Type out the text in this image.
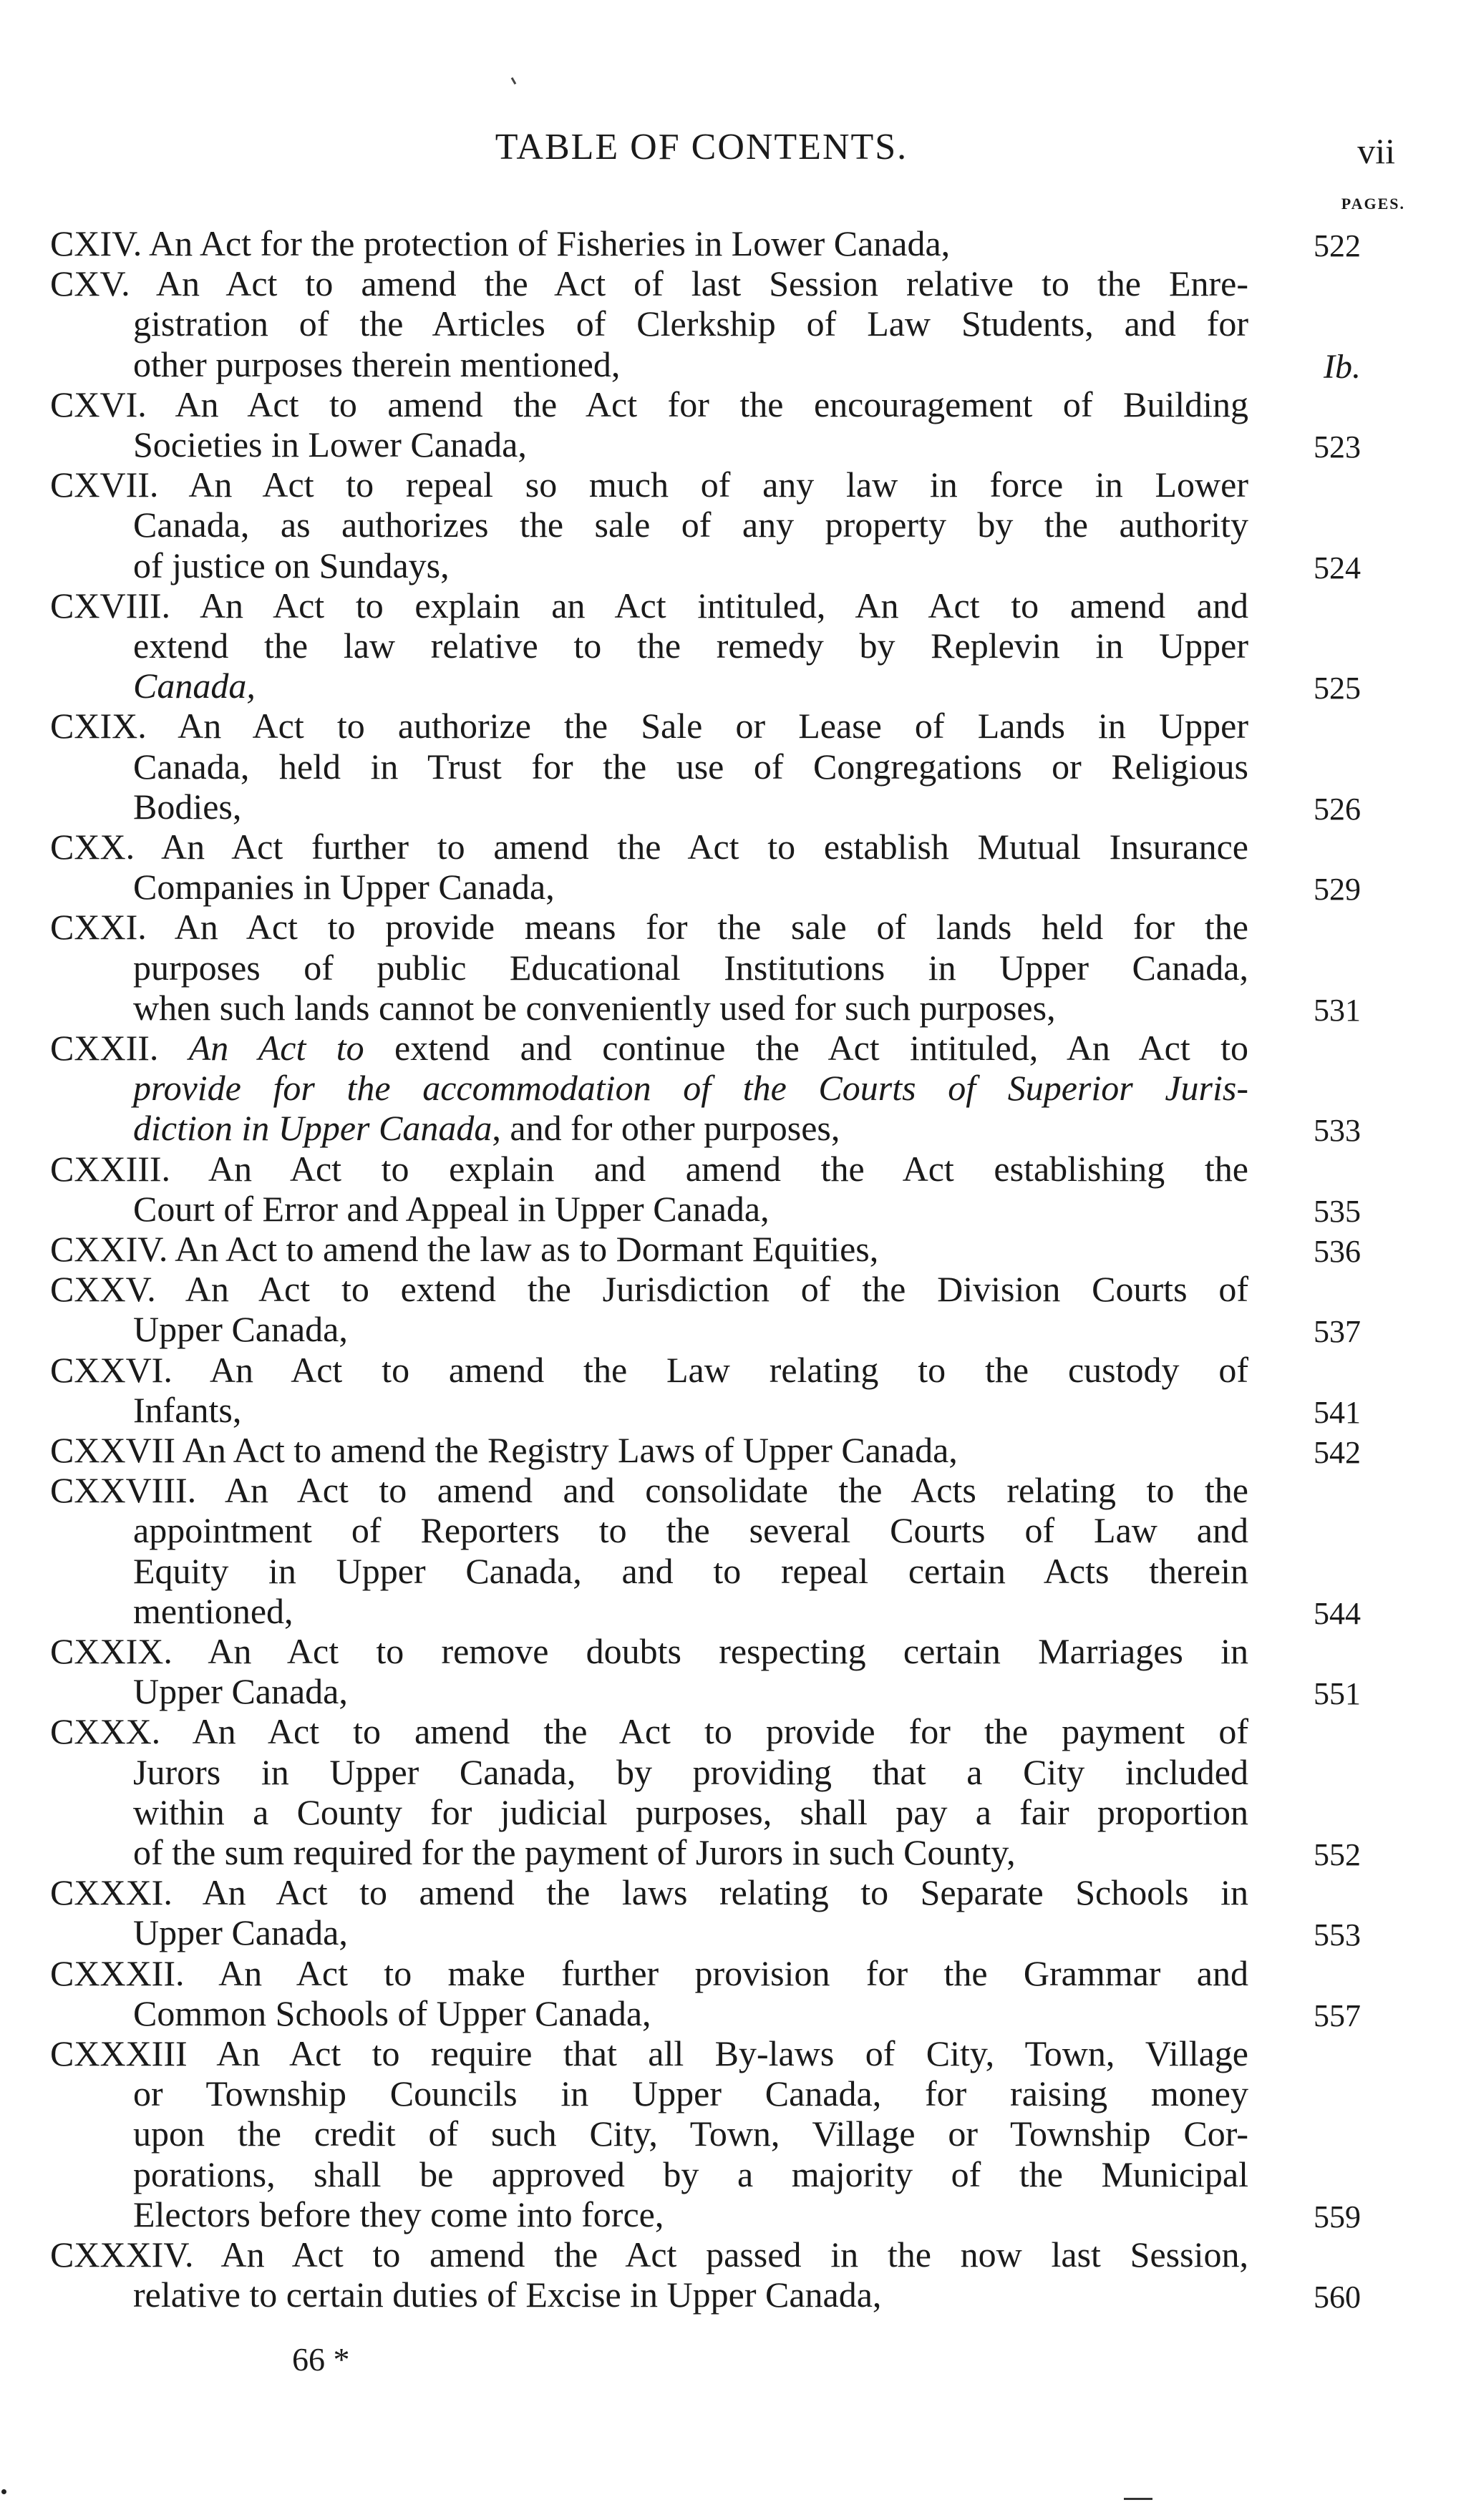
TABLE OF CONTENTS.	vii
PAGES.
CXIV. An Act for the protection of Fisheries in Lower Canada,	522
CXV. An Act to amend the Act of last Session relative to the Enre-
gistration of the Articles of Clerkship of Law Students, and for
other purposes therein mentioned,	Ib.
CXVI. An Act to amend the Act for the encouragement of Building
Societies in Lower Canada,	523
CXVII. An Act to repeal so much of any law in force in Lower
Canada, as authorizes the sale of any property by the authority
of justice on Sundays,	524
CXVIII. An Act to explain an Act intituled, An Act to amend and
extend the law relative to the remedy by Replevin in Upper
Canada,	525
CXIX. An Act to authorize the Sale or Lease of Lands in Upper
Canada, held in Trust for the use of Congregations or Religious
Bodies,	526
CXX. An Act further to amend the Act to establish Mutual Insurance
Companies in Upper Canada,	529
CXXI. An Act to provide means for the sale of lands held for the
purposes of public Educational Institutions in Upper Canada,
when such lands cannot be conveniently used for such purposes,	531
CXXII. An Act to extend and continue the Act intituled, An Act to
provide for the accommodation of the Courts of Superior Juris-
diction in Upper Canada, and for other purposes,	533
CXXIII. An Act to explain and amend the Act establishing the
Court of Error and Appeal in Upper Canada,	535
CXXIV. An Act to amend the law as to Dormant Equities,	536
CXXV. An Act to extend the Jurisdiction of the Division Courts of
Upper Canada,	537
CXXVI. An Act to amend the Law relating to the custody of
Infants,	541
CXXVII An Act to amend the Registry Laws of Upper Canada,	542
CXXVIII. An Act to amend and consolidate the Acts relating to the
appointment of Reporters to the several Courts of Law and
Equity in Upper Canada, and to repeal certain Acts therein
mentioned,	544
CXXIX. An Act to remove doubts respecting certain Marriages in
Upper Canada,	551
CXXX. An Act to amend the Act to provide for the payment of
Jurors in Upper Canada, by providing that a City included
within a County for judicial purposes, shall pay a fair proportion
of the sum required for the payment of Jurors in such County,	552
CXXXI. An Act to amend the laws relating to Separate Schools in
Upper Canada,	553
CXXXII. An Act to make further provision for the Grammar and
Common Schools of Upper Canada,	557
CXXXIII An Act to require that all By-laws of City, Town, Village
or Township Councils in Upper Canada, for raising money
upon the credit of such City, Town, Village or Township Cor-
porations, shall be approved by a majority of the Municipal
Electors before they come into force,	559
CXXXIV. An Act to amend the Act passed in the now last Session,
relative to certain duties of Excise in Upper Canada,	560
66 *
